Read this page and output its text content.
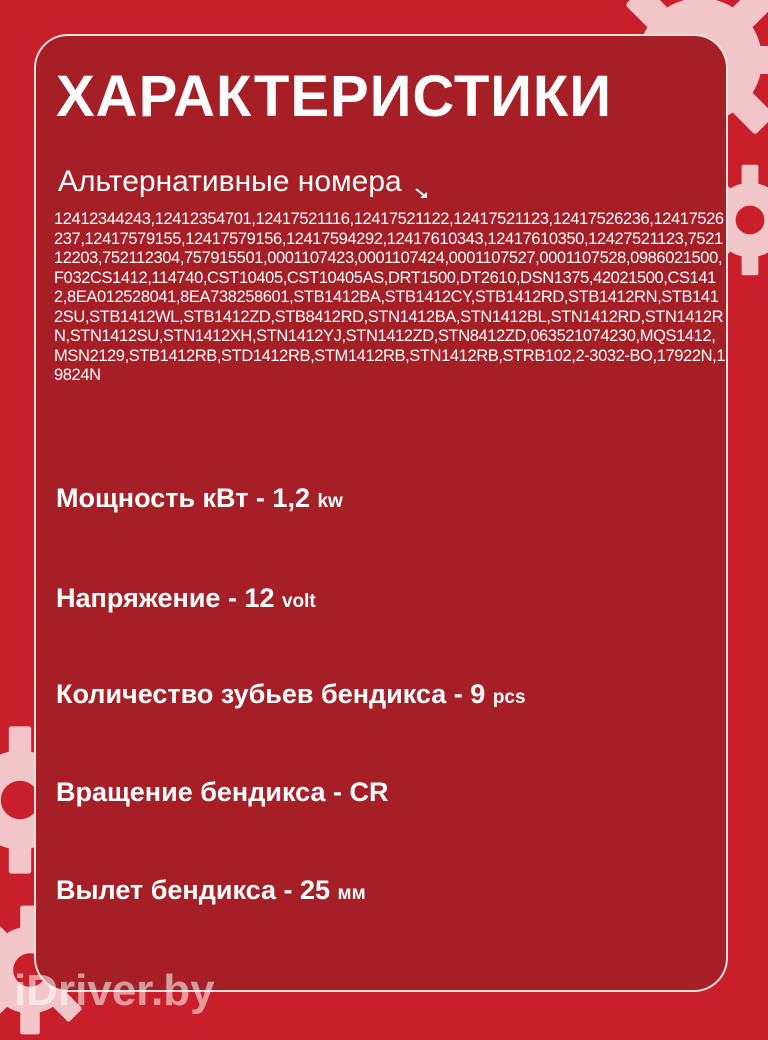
ХАРАКТЕРИСТИКИ
Альтернативные номера
12412344243,12412354701,12417521116,12417521122,12417521123,12417526236,12417526237,12417579155,12417579156,12417594292,12417610343,12417610350,12427521123,752112203,752112304,757915501,0001107423,0001107424,0001107527,0001107528,0986021500,F032CS1412,114740,CST10405,CST10405AS,DRT1500,DT2610,DSN1375,42021500,CS1412,8EA012528041,8EA738258601,STB1412BA,STB1412CY,STB1412RD,STB1412RN,STB1412SU,STB1412WL,STB1412ZD,STB8412RD,STN1412BA,STN1412BL,STN1412RD,STN1412RN,STN1412SU,STN1412XH,STN1412YJ,STN1412ZD,STN8412ZD,063521074230,MQS1412,MSN2129,STB1412RB,STD1412RB,STM1412RB,STN1412RB,STRB102,2-3032-BO,17922N,19824N
Мощность кВт - 1,2 kw
Напряжение - 12 volt
Количество зубьев бендикса - 9 pcs
Вращение бендикса - CR
Вылет бендикса - 25 мм
iDriver.by
